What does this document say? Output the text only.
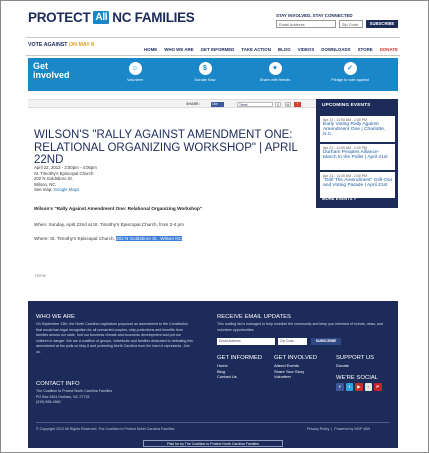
PROTECT All NC FAMILIES	STAY INVOLVED, STAY CONNECTED
Email Address	Zip Code	SUBSCRIBE
VOTE AGAINST ON MAY 8
HOME WHO WE ARE GET INFORMED TAKE ACTION BLOG VIDEOS DOWNLOADS STORE DONATE
Get involved
☺
Volunteer
$
Donate Now
♥
Share with friends
✓
Pledge to vote against
SHARE:	Like	Tweet	0	✉	+
WILSON'S "RALLY AGAINST AMENDMENT ONE: RELATIONAL ORGANIZING WORKSHOP" | APRIL 22ND
April 22, 2012 - 2:00pm - 4:00pm
St. Timothy's Episcopal Church
202 N Goldsboro St.
Wilson, NC
See map: Google Maps
Wilson's "Rally Against Amendment One: Relational Organizing Workshop"
When: Sunday, April 22nd at St. Timothy's Episcopal Church, from 2-4 pm
Where: St. Timothy's Episcopal Church, 202 N Goldsboro St., Wilson NC
Home
UPCOMING EVENTS
Apr 21 - 11:00 AM - 1:00 PM
Early Voting Rally Against Amendment One | Charlotte, N.C.
Apr 21 - 11:00 AM - 1:00 PM
Durham Peoples Alliance-March to the Polls! | April 21st
Apr 21 - 11:30 AM - 2:00 PM
"Grill The Amendment" Grill-Out and Voting Parade | April 21st
MORE EVENTS »
WHO WE ARE
On September 13th, the North Carolina Legislature proposed an amendment to the Constitution that would ban legal recognition for all unmarried couples, strip protections and benefits from families across our state, hurt our business climate and economic development and put our children in danger. We are a coalition of groups, individuals and families dedicated to defeating this amendment at the polls on May 8 and protecting North Carolina from the harm it represents. Join us.
CONTACT INFO
The Coalition to Protect North Carolina Families
PO Box 2401 Durham, NC 27715
(919) 596-4560
RECEIVE EMAIL UPDATES
This mailing list is managed to help mobilize the community and keep you informed of events, news, and volunteer opportunities.
Email Address	Zip Code	SUBSCRIBE
GET INFORMED
Home
Blog
Contact Us
GET INVOLVED
Attend Events
Share Your Story
Volunteer
SUPPORT US
Donate
WE'RE SOCIAL
f	t	▶	•	P
© Copyright 2012 All Rights Reserved. The Coalition to Protect North Carolina Families	Privacy Policy  |  Powered by NGP VAN
Paid for by The Coalition to Protect North Carolina Families
